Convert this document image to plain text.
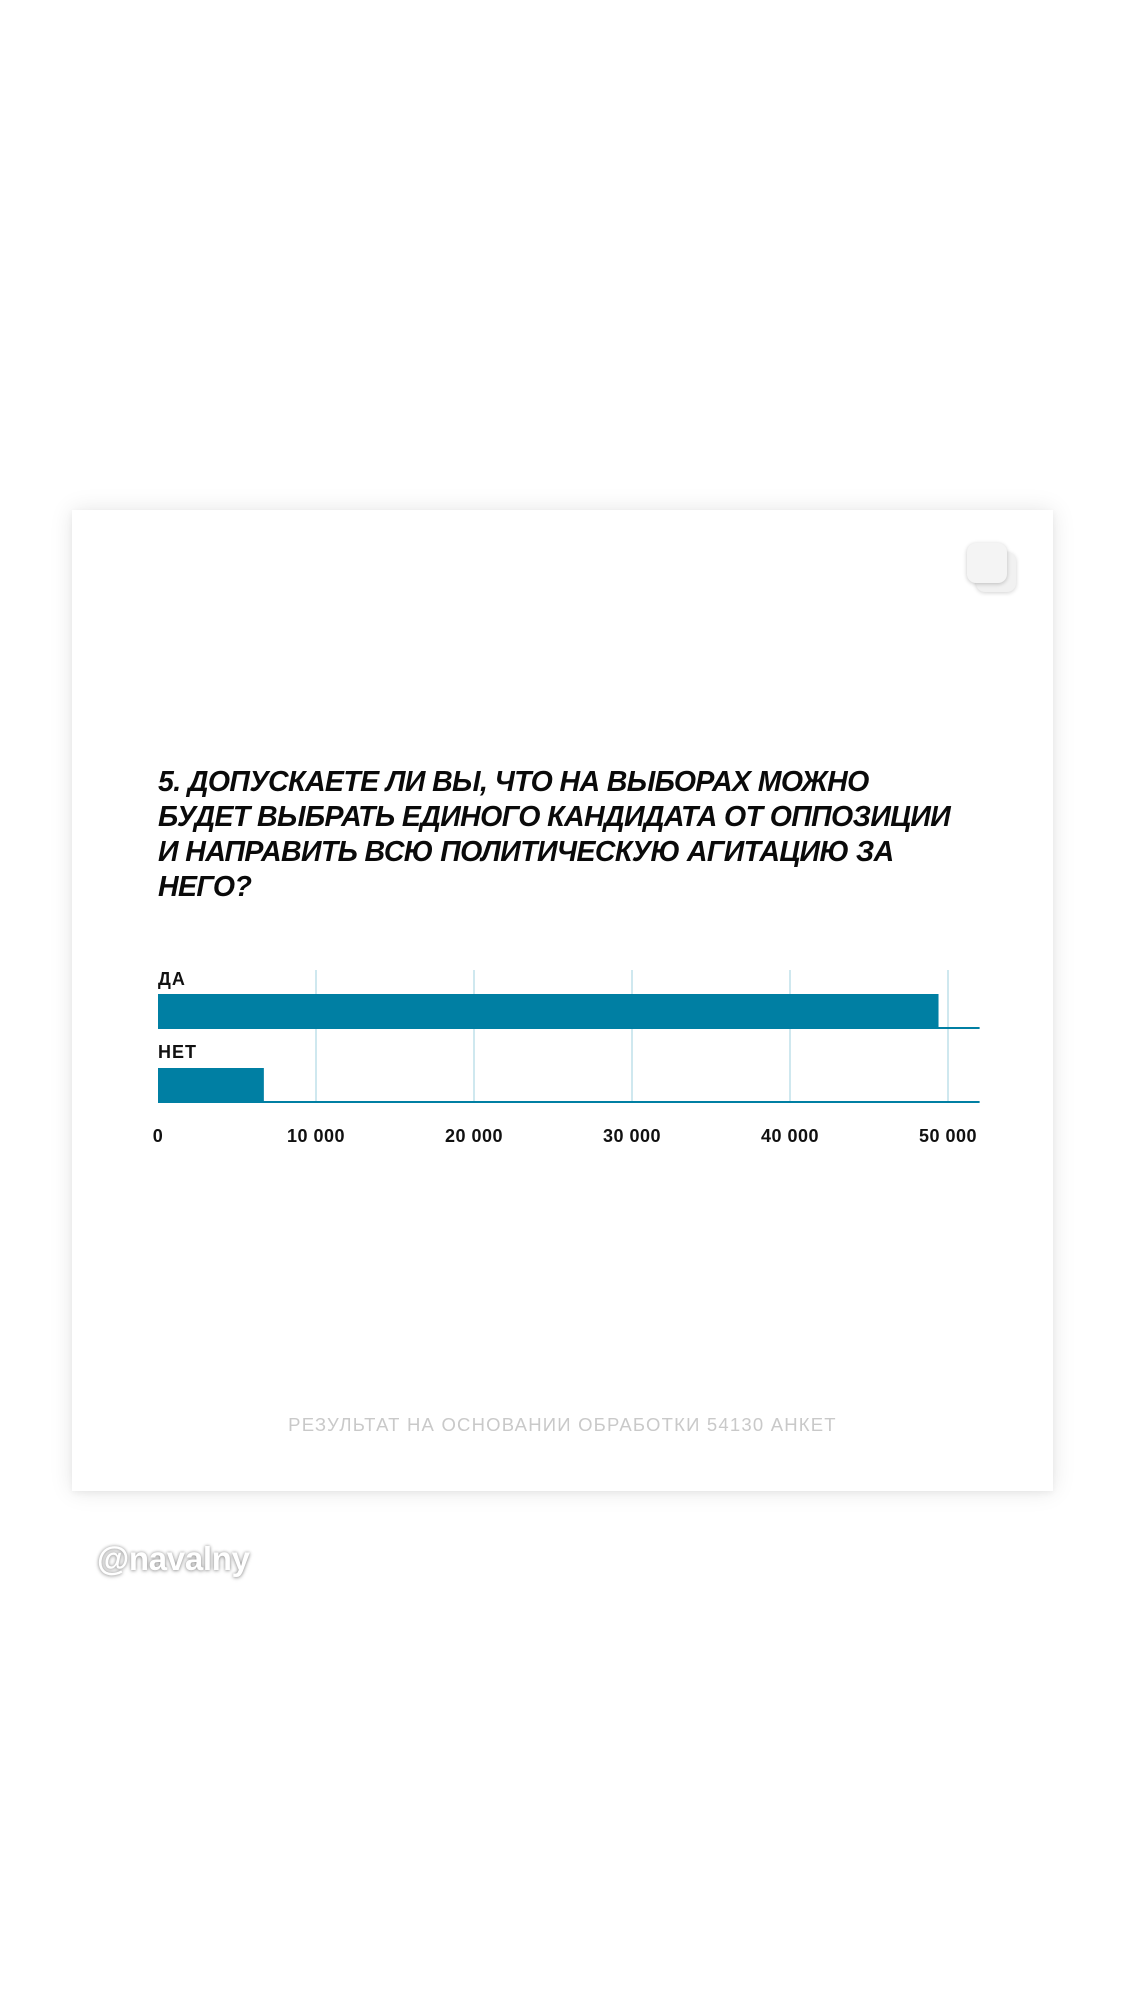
5. ДОПУСКАЕТЕ ЛИ ВЫ, ЧТО НА ВЫБОРАХ МОЖНО БУДЕТ ВЫБРАТЬ ЕДИНОГО КАНДИДАТА ОТ ОППОЗИЦИИ И НАПРАВИТЬ ВСЮ ПОЛИТИЧЕСКУЮ АГИТАЦИЮ ЗА НЕГО?

ДА
НЕТ
0	10 000	20 000	30 000	40 000	50 000
РЕЗУЛЬТАТ НА ОСНОВАНИИ ОБРАБОТКИ 54130 АНКЕТ
@navalny
